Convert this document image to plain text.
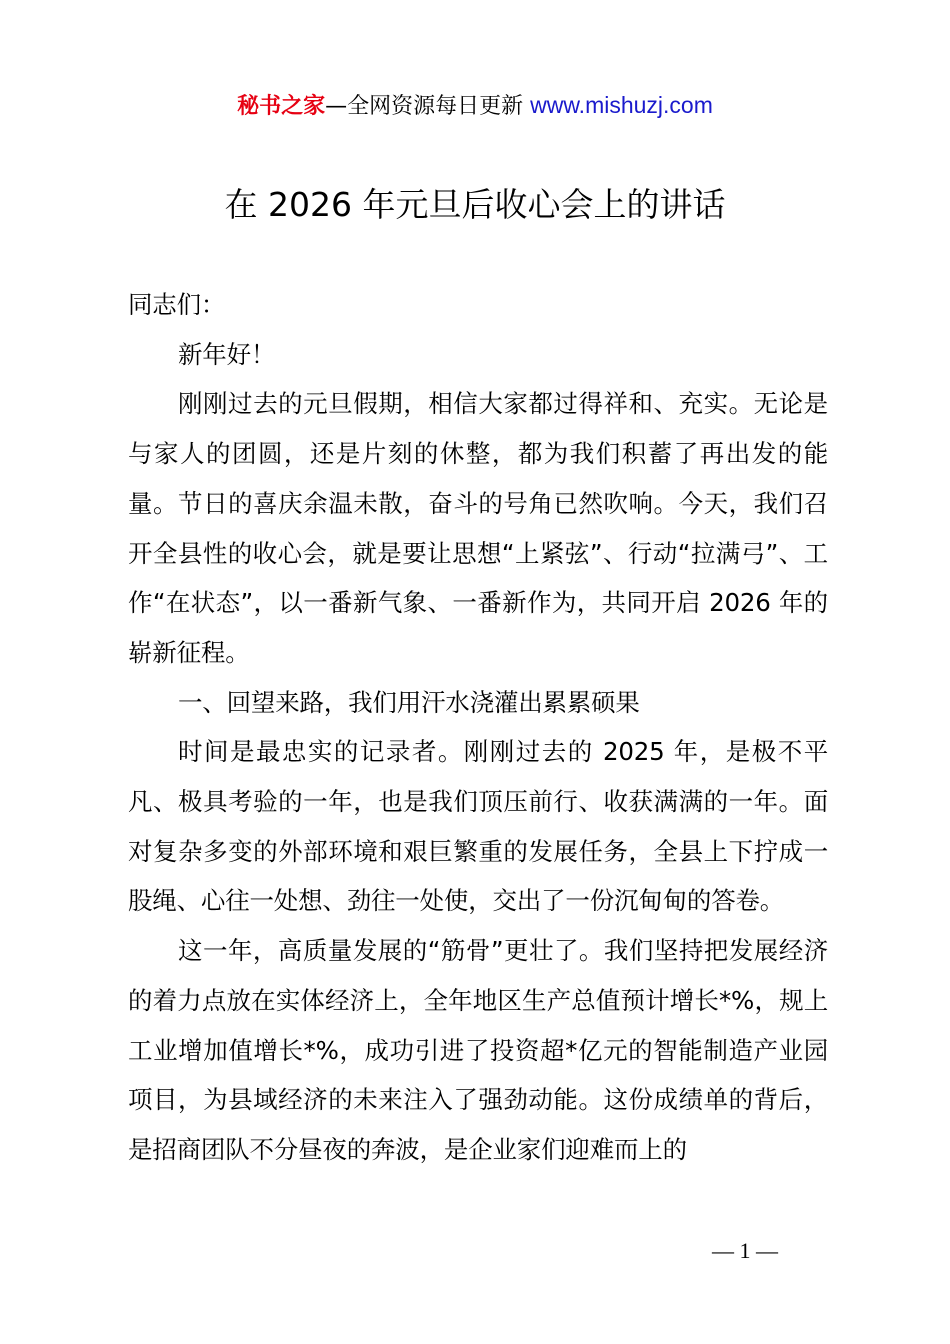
秘书之家—全网资源每日更新 www.mishuzj.com
在 2026 年元旦后收心会上的讲话

同志们：

新年好！

刚刚过去的元旦假期，相信大家都过得祥和、充实。无论是与家人的团圆，还是片刻的休整，都为我们积蓄了再出发的能量。节日的喜庆余温未散，奋斗的号角已然吹响。今天，我们召开全县性的收心会，就是要让思想“上紧弦”、行动“拉满弓”、工作“在状态”，以一番新气象、一番新作为，共同开启 2026 年的崭新征程。

一、回望来路，我们用汗水浇灌出累累硕果

时间是最忠实的记录者。刚刚过去的 2025 年，是极不平凡、极具考验的一年，也是我们顶压前行、收获满满的一年。面对复杂多变的外部环境和艰巨繁重的发展任务，全县上下拧成一股绳、心往一处想、劲往一处使，交出了一份沉甸甸的答卷。

这一年，高质量发展的“筋骨”更壮了。我们坚持把发展经济的着力点放在实体经济上，全年地区生产总值预计增长*%，规上工业增加值增长*%，成功引进了投资超*亿元的智能制造产业园项目，为县域经济的未来注入了强劲动能。这份成绩单的背后，是招商团队不分昼夜的奔波，是企业家们迎难而上的

— 1 —
